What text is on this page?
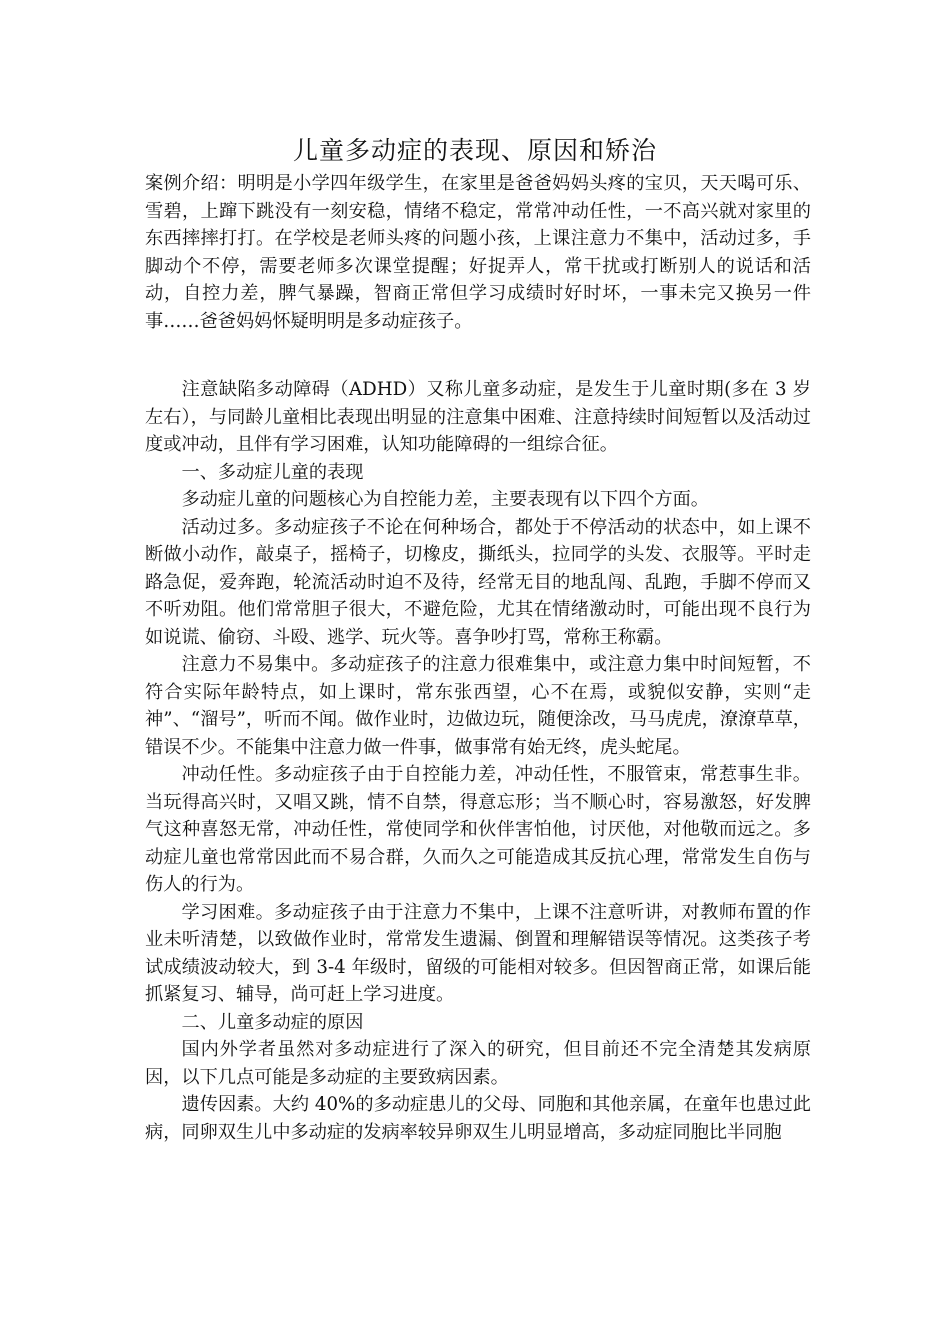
儿童多动症的表现、原因和矫治

案例介绍：明明是小学四年级学生，在家里是爸爸妈妈头疼的宝贝，天天喝可乐、雪碧，上蹿下跳没有一刻安稳，情绪不稳定，常常冲动任性，一不高兴就对家里的东西摔摔打打。在学校是老师头疼的问题小孩，上课注意力不集中，活动过多，手脚动个不停，需要老师多次课堂提醒；好捉弄人，常干扰或打断别人的说话和活动，自控力差，脾气暴躁，智商正常但学习成绩时好时坏，一事未完又换另一件事……爸爸妈妈怀疑明明是多动症孩子。

注意缺陷多动障碍（ADHD）又称儿童多动症，是发生于儿童时期(多在 3 岁左右），与同龄儿童相比表现出明显的注意集中困难、注意持续时间短暂以及活动过度或冲动，且伴有学习困难，认知功能障碍的一组综合征。

一、多动症儿童的表现

多动症儿童的问题核心为自控能力差，主要表现有以下四个方面。

活动过多。多动症孩子不论在何种场合，都处于不停活动的状态中，如上课不断做小动作，敲桌子，摇椅子，切橡皮，撕纸头，拉同学的头发、衣服等。平时走路急促，爱奔跑，轮流活动时迫不及待，经常无目的地乱闯、乱跑，手脚不停而又不听劝阻。他们常常胆子很大，不避危险，尤其在情绪激动时，可能出现不良行为如说谎、偷窃、斗殴、逃学、玩火等。喜争吵打骂，常称王称霸。

注意力不易集中。多动症孩子的注意力很难集中，或注意力集中时间短暂，不符合实际年龄特点，如上课时，常东张西望，心不在焉，或貌似安静，实则“走神”、“溜号”，听而不闻。做作业时，边做边玩，随便涂改，马马虎虎，潦潦草草，错误不少。不能集中注意力做一件事，做事常有始无终，虎头蛇尾。

冲动任性。多动症孩子由于自控能力差，冲动任性，不服管束，常惹事生非。当玩得高兴时，又唱又跳，情不自禁，得意忘形；当不顺心时，容易激怒，好发脾气这种喜怒无常，冲动任性，常使同学和伙伴害怕他，讨厌他，对他敬而远之。多动症儿童也常常因此而不易合群，久而久之可能造成其反抗心理，常常发生自伤与伤人的行为。

学习困难。多动症孩子由于注意力不集中，上课不注意听讲，对教师布置的作业未听清楚，以致做作业时，常常发生遗漏、倒置和理解错误等情况。这类孩子考试成绩波动较大，到 3-4 年级时，留级的可能相对较多。但因智商正常，如课后能抓紧复习、辅导，尚可赶上学习进度。

二、儿童多动症的原因

国内外学者虽然对多动症进行了深入的研究，但目前还不完全清楚其发病原因，以下几点可能是多动症的主要致病因素。

遗传因素。大约 40%的多动症患儿的父母、同胞和其他亲属，在童年也患过此病，同卵双生儿中多动症的发病率较异卵双生儿明显增高，多动症同胞比半同胞
